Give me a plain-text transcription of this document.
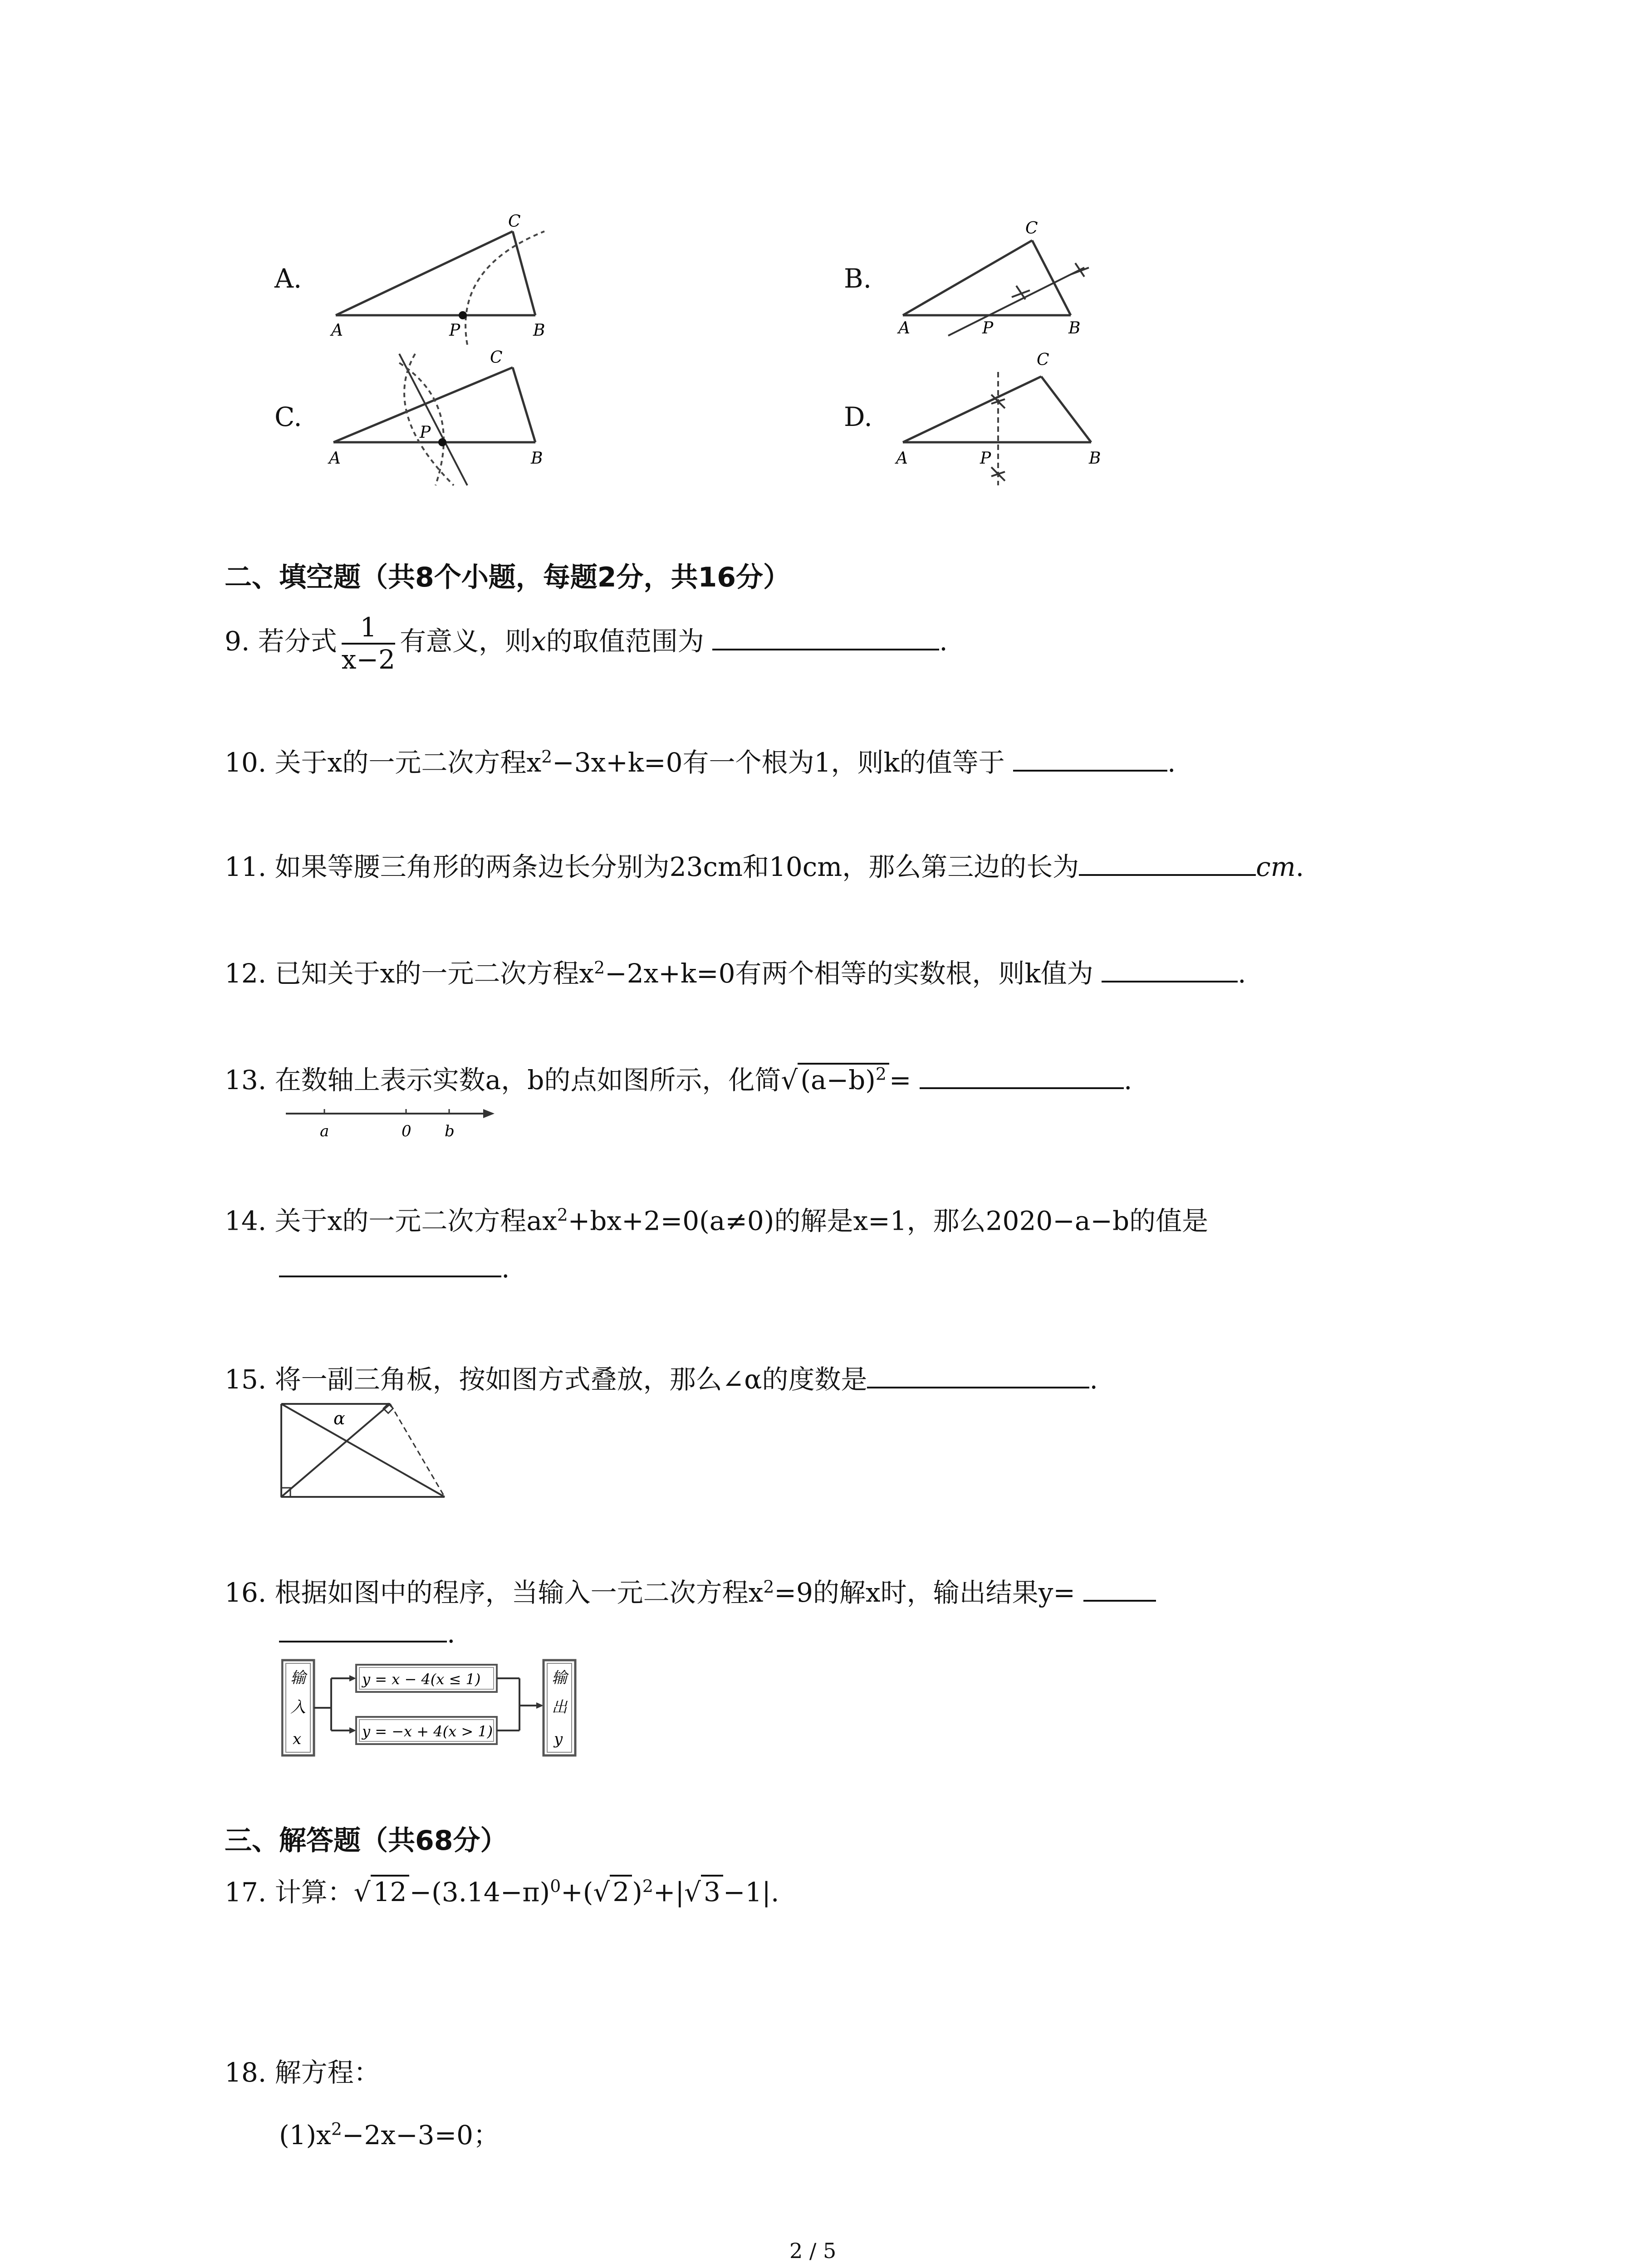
A.	B.
C.	D.
A	P	B
C
A	P	B
C
A
P
B
C
A	P	B
C
二、填空题（共8个小题，每题2分，共16分）
9. 若分式 $\frac{1}{x-2}$ 有意义，则x的取值范围为	.
10. 关于x的一元二次方程$x^2-3x+k=0$有一个根为1，则k的值等于	.
11. 如果等腰三角形的两条边长分别为23cm和10cm，那么第三边的长为	cm.
12. 已知关于x的一元二次方程$x^2-2x+k=0$有两个相等的实数根，则k值为	.
13. 在数轴上表示实数a，b的点如图所示，化简√ $(a-b)^2$ =	.
a	0 b
14. 关于x的一元二次方程$ax^2+bx+2=0(a\ne 0)$的解是x=1，那么2020−a−b的值是
.
15. 将一副三角板，按如图方式叠放，那么∠α的度数是	.
α
16. 根据如图中的程序，当输入一元二次方程$x^2=9$的解x时，输出结果y=
.
输
入
x
y = x − 4(x ≤ 1)
y = −x + 4(x > 1)
输
出
y
三、解答题（共68分）
17. 计算：√ $12 -(3.14-\pi)^0+(√$ 2 )$^2$+|√ 3 −1|.
18. 解方程：
$(1)x^2-2x-3=0$；
2 / 5
